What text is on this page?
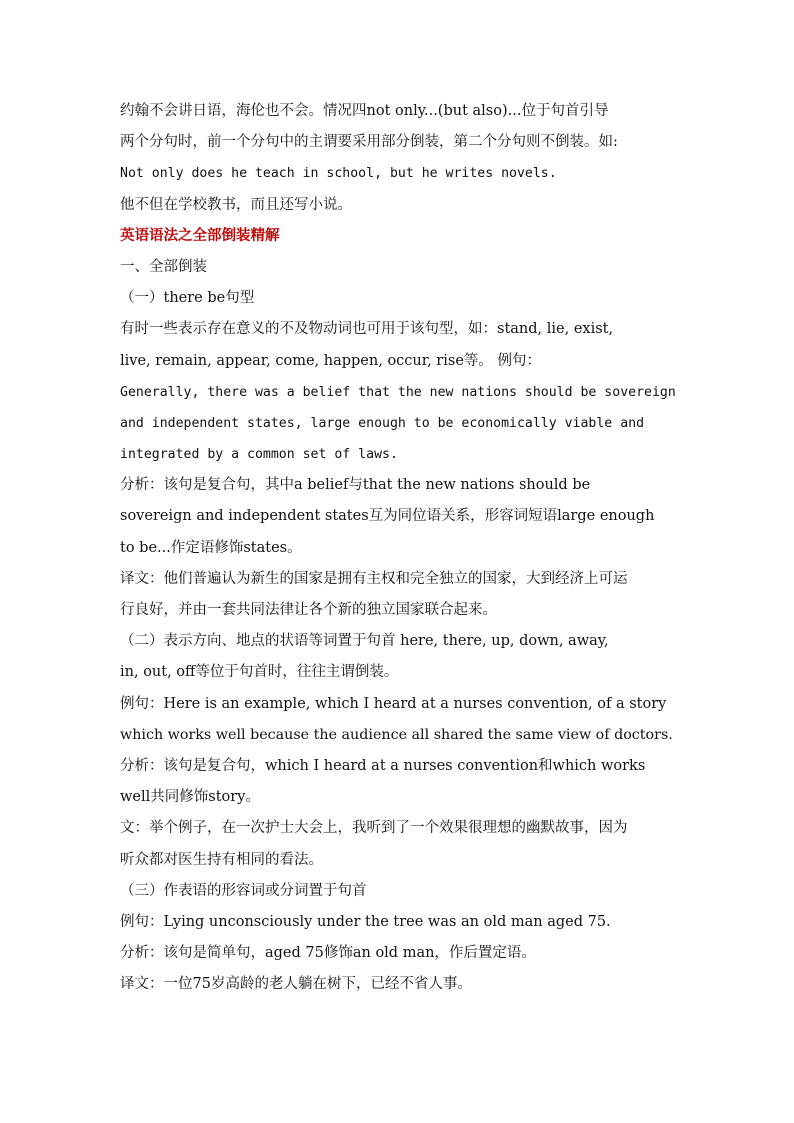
约翰不会讲日语，海伦也不会。情况四not only...(but also)...位于句首引导
两个分句时，前一个分句中的主谓要采用部分倒装，第二个分句则不倒装。如:
Not only does he teach in school, but he writes novels.
他不但在学校教书，而且还写小说。
英语语法之全部倒装精解
一、全部倒装
（一）there be句型
有时一些表示存在意义的不及物动词也可用于该句型，如：stand, lie, exist,
live, remain, appear, come, happen, occur, rise等。 例句：
Generally, there was a belief that the new nations should be sovereign
and independent states, large enough to be economically viable and
integrated by a common set of laws.
分析：该句是复合句，其中a belief与that the new nations should be
sovereign and independent states互为同位语关系，形容词短语large enough
to be...作定语修饰states。
译文：他们普遍认为新生的国家是拥有主权和完全独立的国家，大到经济上可运
行良好，并由一套共同法律让各个新的独立国家联合起来。
（二）表示方向、地点的状语等词置于句首 here, there, up, down, away,
in, out, off等位于句首时，往往主谓倒装。
例句：Here is an example, which I heard at a nurses convention, of a story
which works well because the audience all shared the same view of doctors.
分析：该句是复合句，which I heard at a nurses convention和which works
well共同修饰story。
文：举个例子，在一次护士大会上，我听到了一个效果很理想的幽默故事，因为
听众都对医生持有相同的看法。
（三）作表语的形容词或分词置于句首
例句：Lying unconsciously under the tree was an old man aged 75.
分析：该句是简单句，aged 75修饰an old man，作后置定语。
译文：一位75岁高龄的老人躺在树下，已经不省人事。
